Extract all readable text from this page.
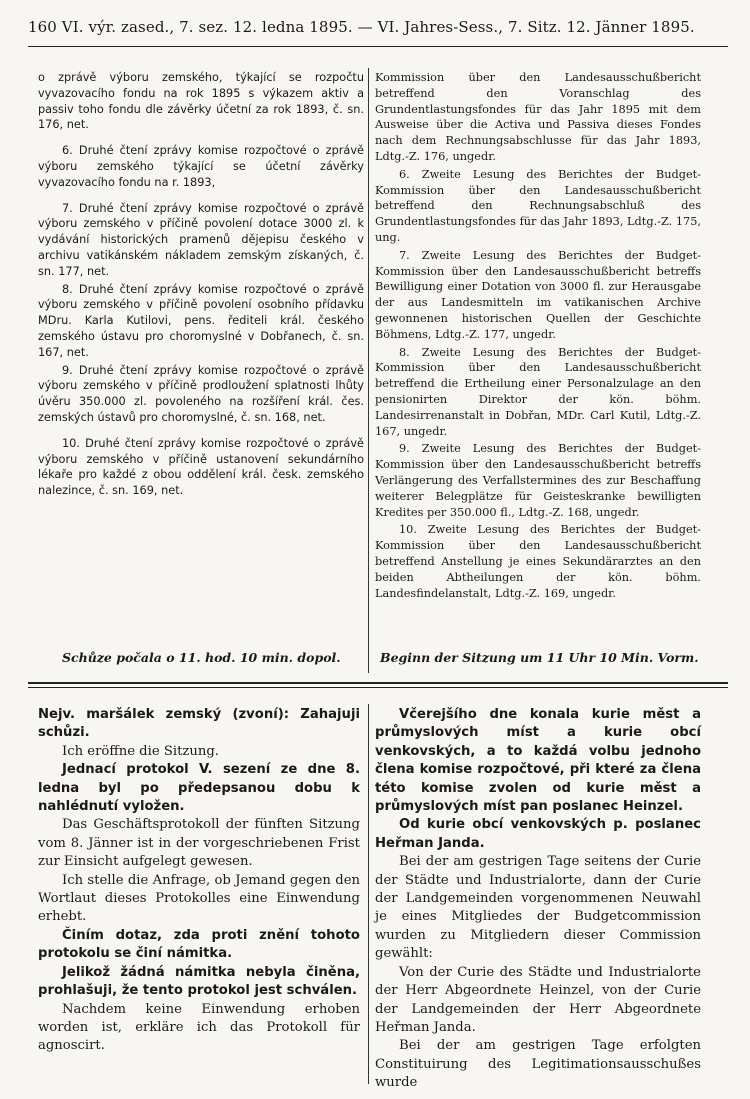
160 VI. výr. zased., 7. sez. 12. ledna 1895. — VI. Jahres-Sess., 7. Sitz. 12. Jänner 1895.

o zprávě výboru zemského, týkající se rozpočtu vyvazovacího fondu na rok 1895 s výkazem aktiv a passiv toho fondu dle závěrky účetní za rok 1893, č. sn. 176, net.

6. Druhé čtení zprávy komise rozpočtové o zprávě výboru zemského týkající se účetní závěrky vyvazovacího fondu na r. 1893,

7. Druhé čtení zprávy komise rozpočtové o zprávě výboru zemského v příčině povolení dotace 3000 zl. k vydávání historických pramenů dějepisu českého v archivu vatikánském nákladem zemským získaných, č. sn. 177, net.

8. Druhé čtení zprávy komise rozpočtové o zprávě výboru zemského v příčině povolení osobního přídavku MDru. Karla Kutilovi, pens. řediteli král. českého zemského ústavu pro choromyslné v Dobřanech, č. sn. 167, net.

9. Druhé čtení zprávy komise rozpočtové o zprávě výboru zemského v příčině prodloužení splatnosti lhůty úvěru 350.000 zl. povoleného na rozšíření král. čes. zemských ústavů pro choromyslné, č. sn. 168, net.

10. Druhé čtení zprávy komise rozpočtové o zprávě výboru zemského v příčině ustanovení sekundárního lékaře pro každé z obou oddělení král. česk. zemského nalezince, č. sn. 169, net.

Kommission über den Landesausschußbericht betreffend den Voranschlag des Grundentlastungsfondes für das Jahr 1895 mit dem Ausweise über die Activa und Passiva dieses Fondes nach dem Rechnungsabschlusse für das Jahr 1893, Ldtg.-Z. 176, ungedr.

6. Zweite Lesung des Berichtes der Budget-Kommission über den Landesausschußbericht betreffend den Rechnungsabschluß des Grundentlastungsfondes für das Jahr 1893, Ldtg.-Z. 175, ung.

7. Zweite Lesung des Berichtes der Budget-Kommission über den Landesausschußbericht betreffs Bewilligung einer Dotation von 3000 fl. zur Herausgabe der aus Landesmitteln im vatikanischen Archive gewonnenen historischen Quellen der Geschichte Böhmens, Ldtg.-Z. 177, ungedr.

8. Zweite Lesung des Berichtes der Budget-Kommission über den Landesausschußbericht betreffend die Ertheilung einer Personalzulage an den pensionirten Direktor der kön. böhm. Landesirrenanstalt in Dobřan, MDr. Carl Kutil, Ldtg.-Z. 167, ungedr.

9. Zweite Lesung des Berichtes der Budget-Kommission über den Landesausschußbericht betreffs Verlängerung des Verfallstermines des zur Beschaffung weiterer Belegplätze für Geisteskranke bewilligten Kredites per 350.000 fl., Ldtg.-Z. 168, ungedr.

10. Zweite Lesung des Berichtes der Budget-Kommission über den Landesausschußbericht betreffend Anstellung je eines Sekundärarztes an den beiden Abtheilungen der kön. böhm. Landesfindelanstalt, Ldtg.-Z. 169, ungedr.

Schůze počala o 11. hod. 10 min. dopol.	Beginn der Sitzung um 11 Uhr 10 Min. Vorm.

Nejv. maršálek zemský (zvoní): Zahajuji schůzi.

Ich eröffne die Sitzung.

Jednací protokol V. sezení ze dne 8. ledna byl po předepsanou dobu k nahlédnutí vyložen.

Das Geschäftsprotokoll der fünften Sitzung vom 8. Jänner ist in der vorgeschriebenen Frist zur Einsicht aufgelegt gewesen.

Ich stelle die Anfrage, ob Jemand gegen den Wortlaut dieses Protokolles eine Einwendung erhebt.

Činím dotaz, zda proti znění tohoto protokolu se činí námitka.

Jelikož žádná námitka nebyla činěna, prohlašuji, že tento protokol jest schválen.

Nachdem keine Einwendung erhoben worden ist, erkläre ich das Protokoll für agnoscirt.

Včerejšího dne konala kurie měst a průmyslových míst a kurie obcí venkovských, a to každá volbu jednoho člena komise rozpočtové, při které za člena této komise zvolen od kurie měst a průmyslových míst pan poslanec Heinzel.

Od kurie obcí venkovských p. poslanec Heřman Janda.

Bei der am gestrigen Tage seitens der Curie der Städte und Industrialorte, dann der Curie der Landgemeinden vorgenommenen Neuwahl je eines Mitgliedes der Budgetcommission wurden zu Mitgliedern dieser Commission gewählt:

Von der Curie des Städte und Industrialorte der Herr Abgeordnete Heinzel, von der Curie der Landgemeinden der Herr Abgeordnete Heřman Janda.

Bei der am gestrigen Tage erfolgten Constituirung des Legitimationsausschußes wurde
